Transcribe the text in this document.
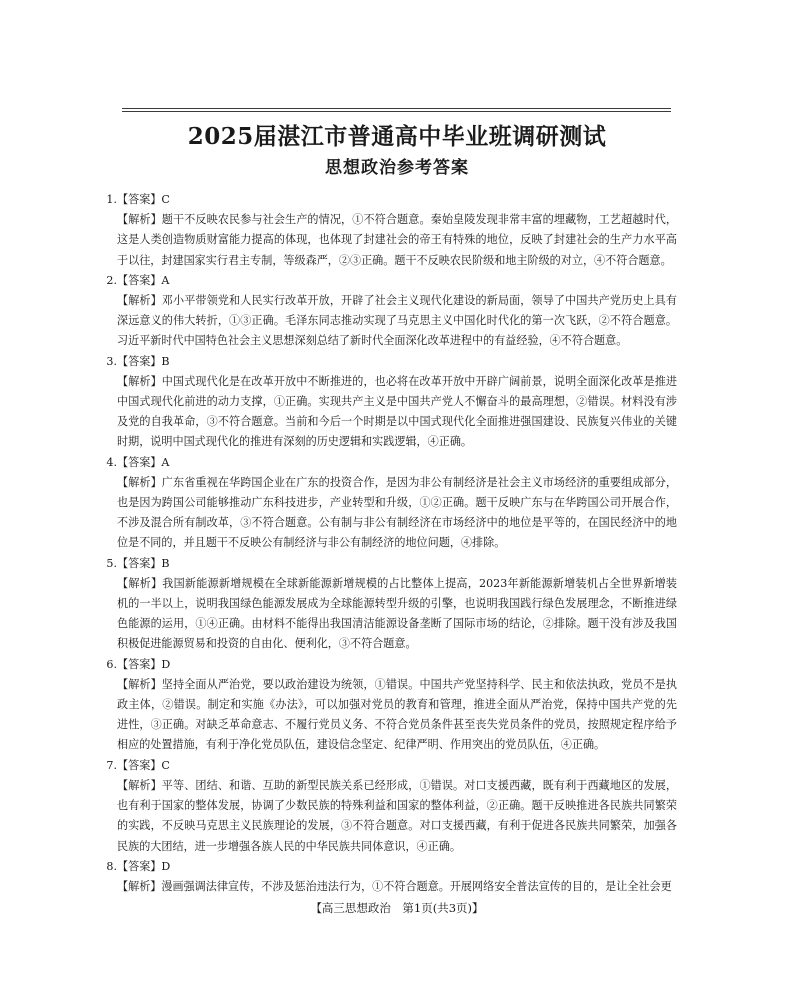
2025届湛江市普通高中毕业班调研测试
思想政治参考答案
1.【答案】C
【解析】题干不反映农民参与社会生产的情况，①不符合题意。秦始皇陵发现非常丰富的埋藏物，工艺超越时代，这是人类创造物质财富能力提高的体现，也体现了封建社会的帝王有特殊的地位，反映了封建社会的生产力水平高于以往，封建国家实行君主专制，等级森严，②③正确。题干不反映农民阶级和地主阶级的对立，④不符合题意。
2.【答案】A
【解析】邓小平带领党和人民实行改革开放，开辟了社会主义现代化建设的新局面，领导了中国共产党历史上具有深远意义的伟大转折，①③正确。毛泽东同志推动实现了马克思主义中国化时代化的第一次飞跃，②不符合题意。习近平新时代中国特色社会主义思想深刻总结了新时代全面深化改革进程中的有益经验，④不符合题意。
3.【答案】B
【解析】中国式现代化是在改革开放中不断推进的，也必将在改革开放中开辟广阔前景，说明全面深化改革是推进中国式现代化前进的动力支撑，①正确。实现共产主义是中国共产党人不懈奋斗的最高理想，②错误。材料没有涉及党的自我革命，③不符合题意。当前和今后一个时期是以中国式现代化全面推进强国建设、民族复兴伟业的关键时期，说明中国式现代化的推进有深刻的历史逻辑和实践逻辑，④正确。
4.【答案】A
【解析】广东省重视在华跨国企业在广东的投资合作，是因为非公有制经济是社会主义市场经济的重要组成部分，也是因为跨国公司能够推动广东科技进步，产业转型和升级，①②正确。题干反映广东与在华跨国公司开展合作，不涉及混合所有制改革，③不符合题意。公有制与非公有制经济在市场经济中的地位是平等的，在国民经济中的地位是不同的，并且题干不反映公有制经济与非公有制经济的地位问题，④排除。
5.【答案】B
【解析】我国新能源新增规模在全球新能源新增规模的占比整体上提高，2023年新能源新增装机占全世界新增装机的一半以上，说明我国绿色能源发展成为全球能源转型升级的引擎，也说明我国践行绿色发展理念，不断推进绿色能源的运用，①④正确。由材料不能得出我国清洁能源设备垄断了国际市场的结论，②排除。题干没有涉及我国积极促进能源贸易和投资的自由化、便利化，③不符合题意。
6.【答案】D
【解析】坚持全面从严治党，要以政治建设为统领，①错误。中国共产党坚持科学、民主和依法执政，党员不是执政主体，②错误。制定和实施《办法》，可以加强对党员的教育和管理，推进全面从严治党，保持中国共产党的先进性，③正确。对缺乏革命意志、不履行党员义务、不符合党员条件甚至丧失党员条件的党员，按照规定程序给予相应的处置措施，有利于净化党员队伍，建设信念坚定、纪律严明、作用突出的党员队伍，④正确。
7.【答案】C
【解析】平等、团结、和谐、互助的新型民族关系已经形成，①错误。对口支援西藏，既有利于西藏地区的发展，也有利于国家的整体发展，协调了少数民族的特殊利益和国家的整体利益，②正确。题干反映推进各民族共同繁荣的实践，不反映马克思主义民族理论的发展，③不符合题意。对口支援西藏，有利于促进各民族共同繁荣，加强各民族的大团结，进一步增强各族人民的中华民族共同体意识，④正确。
8.【答案】D
【解析】漫画强调法律宣传，不涉及惩治违法行为，①不符合题意。开展网络安全普法宣传的目的，是让全社会更
【高三思想政治　第1页(共3页)】
